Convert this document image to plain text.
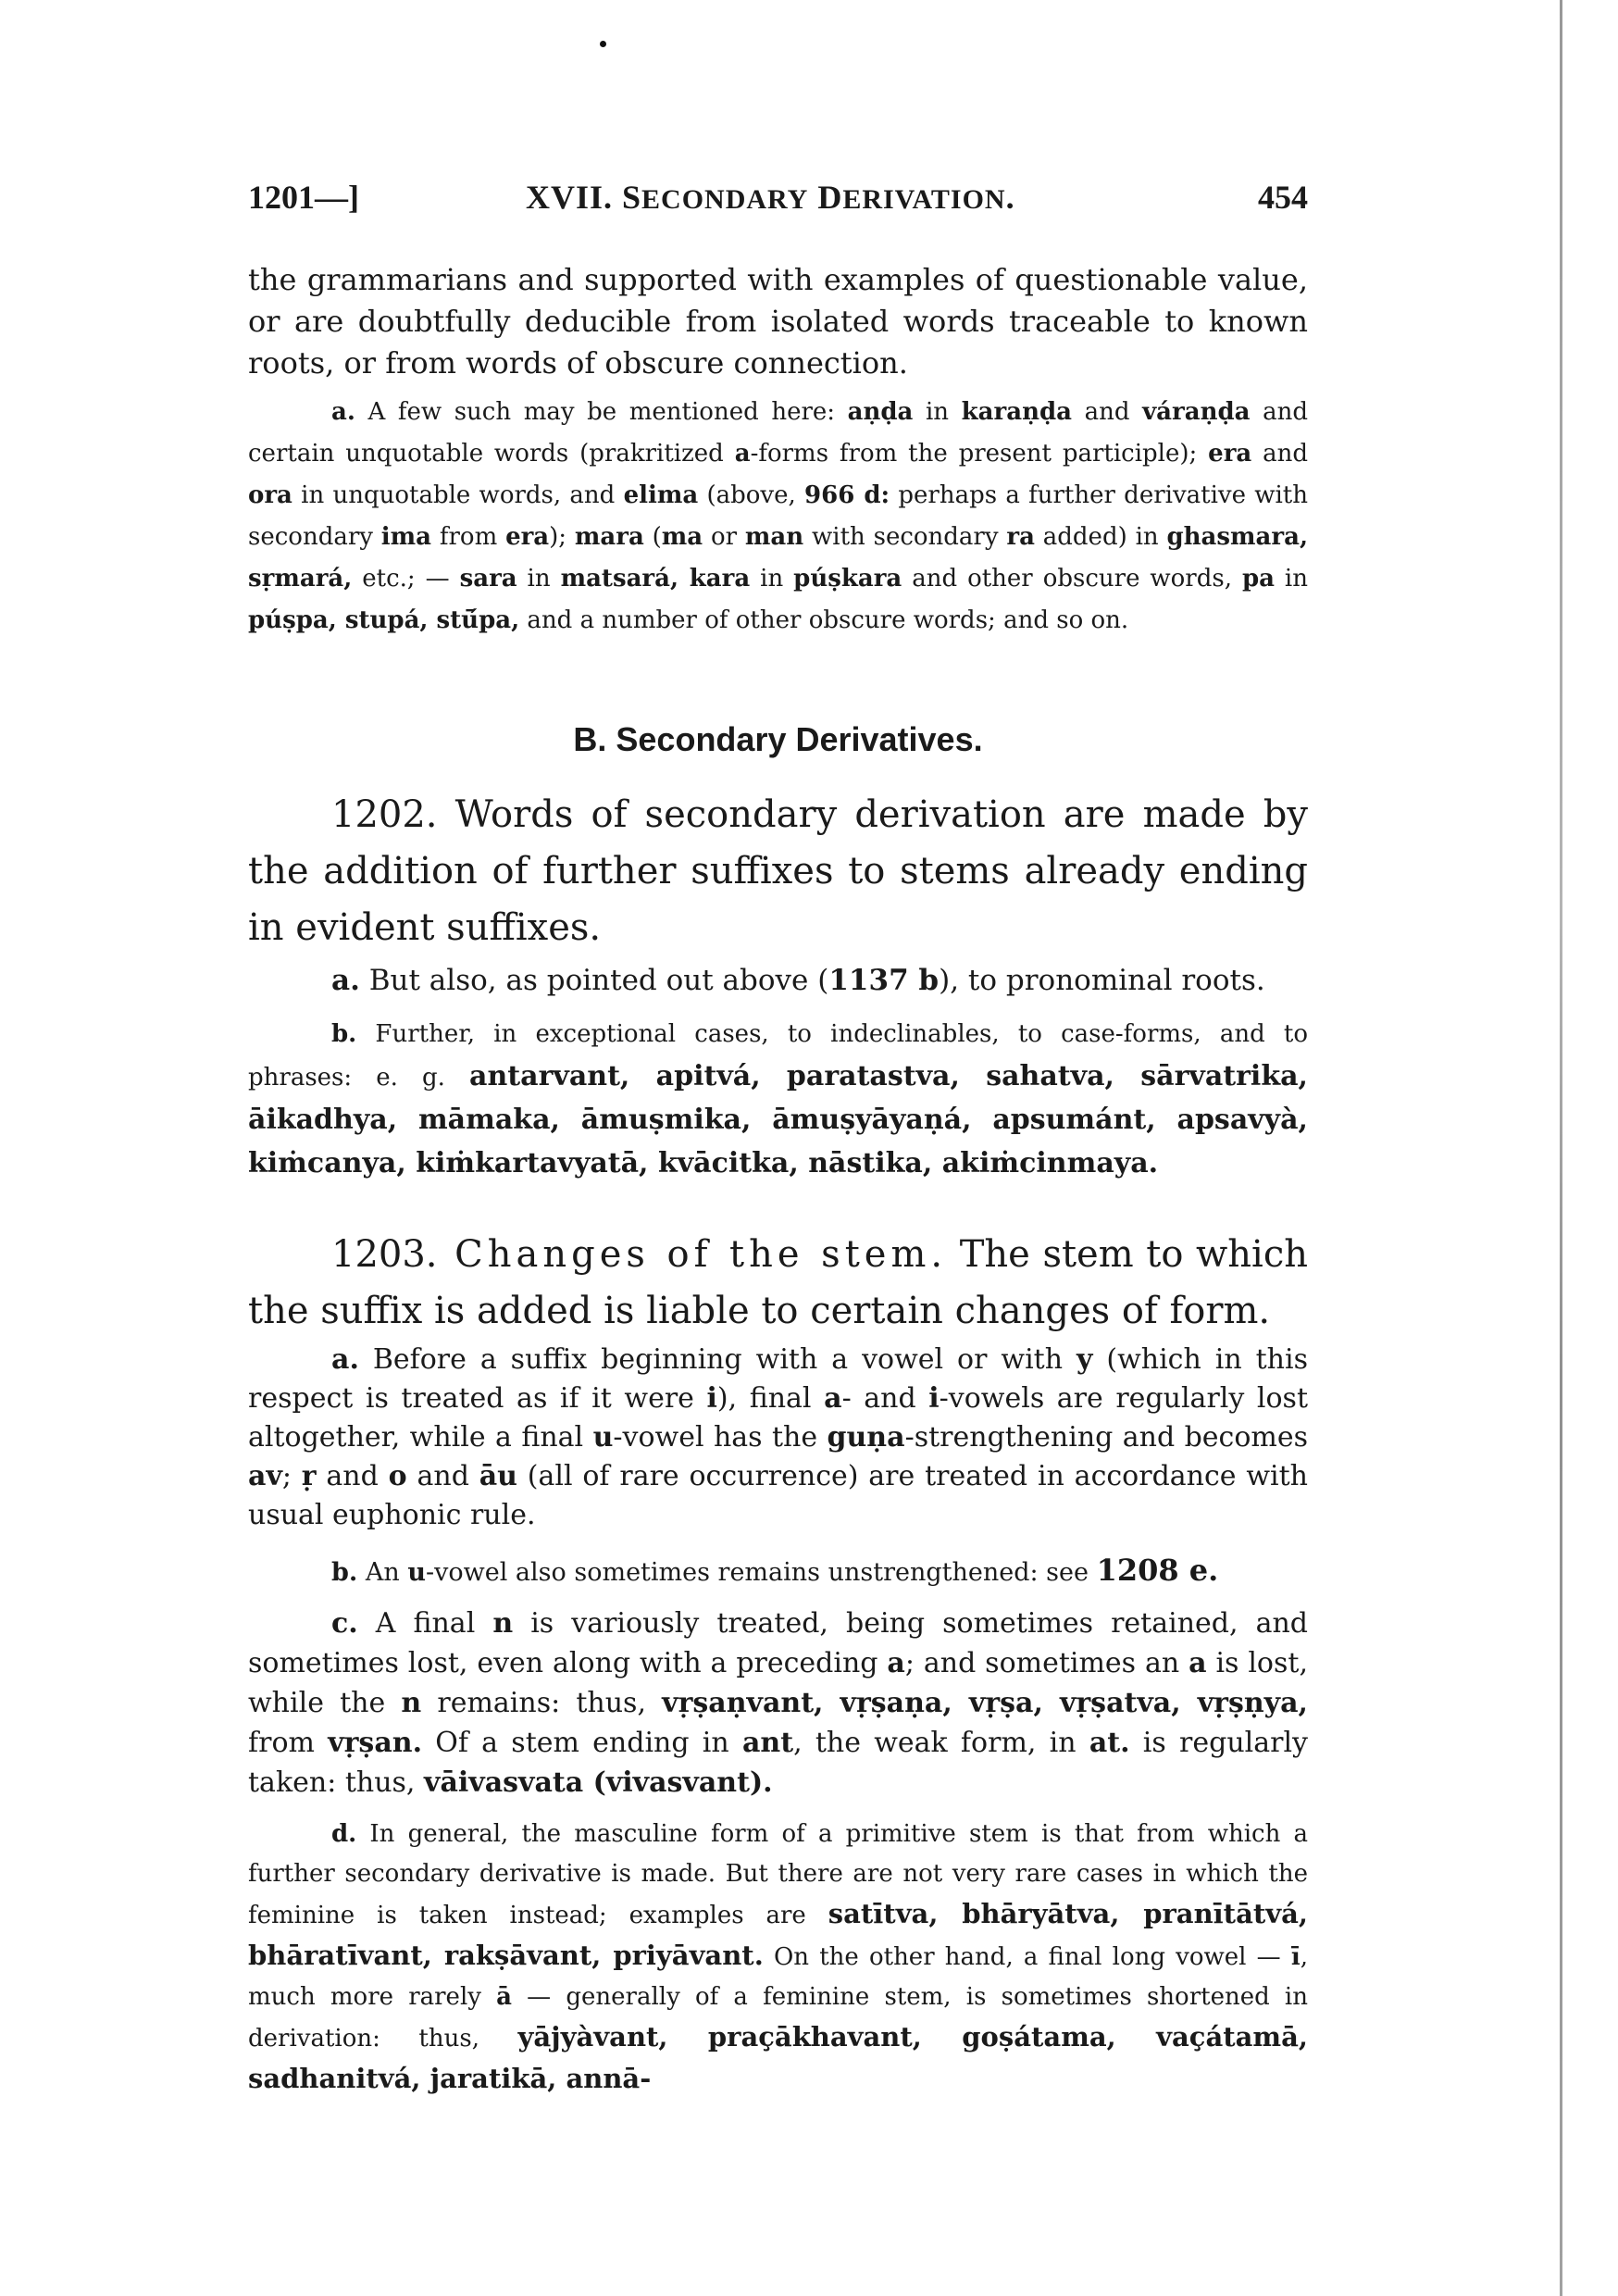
1201—]	XVII. SECONDARY DERIVATION.	454

the grammarians and supported with examples of questionable value, or are doubtfully deducible from isolated words traceable to known roots, or from words of obscure connection.

a. A few such may be mentioned here: aṇḍa in karaṇḍa and váraṇḍa and certain unquotable words (prakritized a-forms from the present participle); era and ora in unquotable words, and elima (above, 966 d: perhaps a further derivative with secondary ima from era); mara (ma or man with secondary ra added) in ghasmara, sṛmará, etc.; — sara in matsará, kara in púṣkara and other obscure words, pa in púṣpa, stupá, stū́pa, and a number of other obscure words; and so on.

B. Secondary Derivatives.

1202. Words of secondary derivation are made by the addition of further suffixes to stems already ending in evident suffixes.

a. But also, as pointed out above (1137 b), to pronominal roots.

b. Further, in exceptional cases, to indeclinables, to case-forms, and to phrases: e. g. antarvant, apitvá, paratastva, sahatva, sārvatrika, āikadhya, māmaka, āmuṣmika, āmuṣyāyaṇá, apsumánt, apsavyà, kiṁcanya, kiṁkartavyatā, kvācitka, nāstika, akiṁcinmaya.

1203. Changes of the stem. The stem to which the suffix is added is liable to certain changes of form.

a. Before a suffix beginning with a vowel or with y (which in this respect is treated as if it were i), final a- and i-vowels are regularly lost altogether, while a final u-vowel has the guṇa-strengthening and becomes av; ṛ and o and āu (all of rare occurrence) are treated in accordance with usual euphonic rule.

b. An u-vowel also sometimes remains unstrengthened: see 1208 e.

c. A final n is variously treated, being sometimes retained, and sometimes lost, even along with a preceding a; and sometimes an a is lost, while the n remains: thus, vṛṣaṇvant, vṛṣaṇa, vṛṣa, vṛṣatva, vṛṣṇya, from vṛṣan. Of a stem ending in ant, the weak form, in at. is regularly taken: thus, vāivasvata (vivasvant).

d. In general, the masculine form of a primitive stem is that from which a further secondary derivative is made. But there are not very rare cases in which the feminine is taken instead; examples are satītva, bhāryātva, pranītātvá, bhāratīvant, rakṣāvant, priyāvant. On the other hand, a final long vowel — ī, much more rarely ā — generally of a feminine stem, is sometimes shortened in derivation: thus, yājyàvant, praçākhavant, goṣátama, vaçátamā, sadhanitvá, jaratikā, annā-
